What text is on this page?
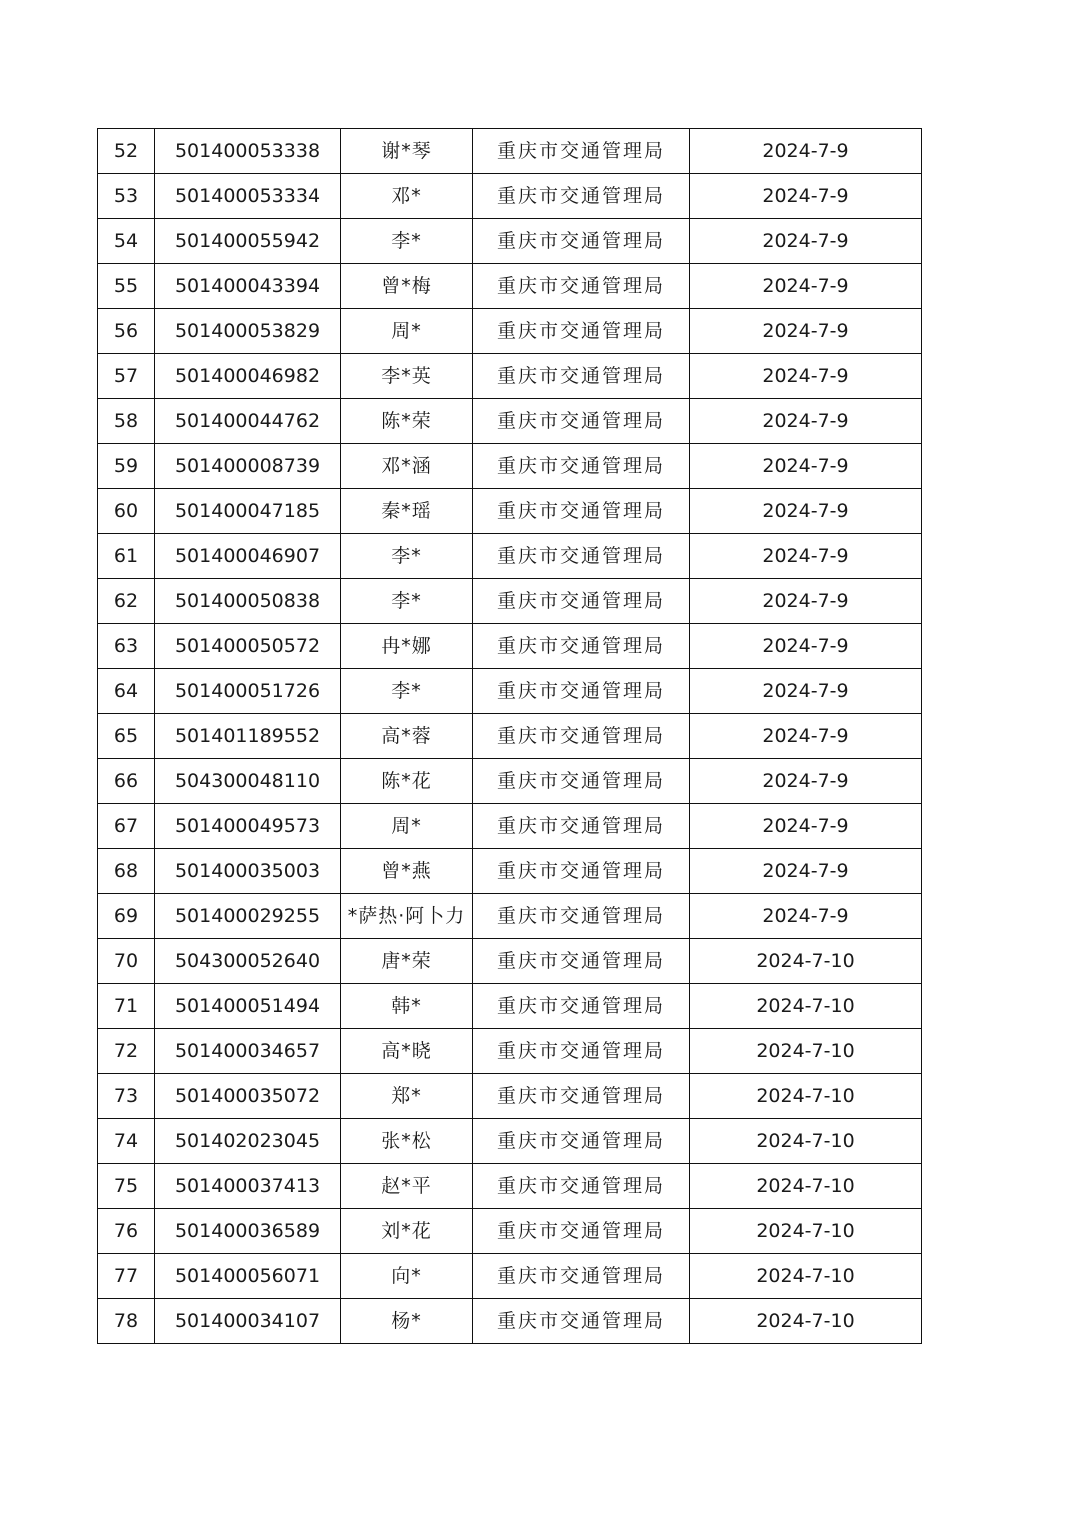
52	501400053338	谢*琴	重庆市交通管理局	2024-7-9
53	501400053334	邓*	重庆市交通管理局	2024-7-9
54	501400055942	李*	重庆市交通管理局	2024-7-9
55	501400043394	曾*梅	重庆市交通管理局	2024-7-9
56	501400053829	周*	重庆市交通管理局	2024-7-9
57	501400046982	李*英	重庆市交通管理局	2024-7-9
58	501400044762	陈*荣	重庆市交通管理局	2024-7-9
59	501400008739	邓*涵	重庆市交通管理局	2024-7-9
60	501400047185	秦*瑶	重庆市交通管理局	2024-7-9
61	501400046907	李*	重庆市交通管理局	2024-7-9
62	501400050838	李*	重庆市交通管理局	2024-7-9
63	501400050572	冉*娜	重庆市交通管理局	2024-7-9
64	501400051726	李*	重庆市交通管理局	2024-7-9
65	501401189552	高*蓉	重庆市交通管理局	2024-7-9
66	504300048110	陈*花	重庆市交通管理局	2024-7-9
67	501400049573	周*	重庆市交通管理局	2024-7-9
68	501400035003	曾*燕	重庆市交通管理局	2024-7-9
69	501400029255	*萨热·阿卜力	重庆市交通管理局	2024-7-9
70	504300052640	唐*荣	重庆市交通管理局	2024-7-10
71	501400051494	韩*	重庆市交通管理局	2024-7-10
72	501400034657	高*晓	重庆市交通管理局	2024-7-10
73	501400035072	郑*	重庆市交通管理局	2024-7-10
74	501402023045	张*松	重庆市交通管理局	2024-7-10
75	501400037413	赵*平	重庆市交通管理局	2024-7-10
76	501400036589	刘*花	重庆市交通管理局	2024-7-10
77	501400056071	向*	重庆市交通管理局	2024-7-10
78	501400034107	杨*	重庆市交通管理局	2024-7-10
